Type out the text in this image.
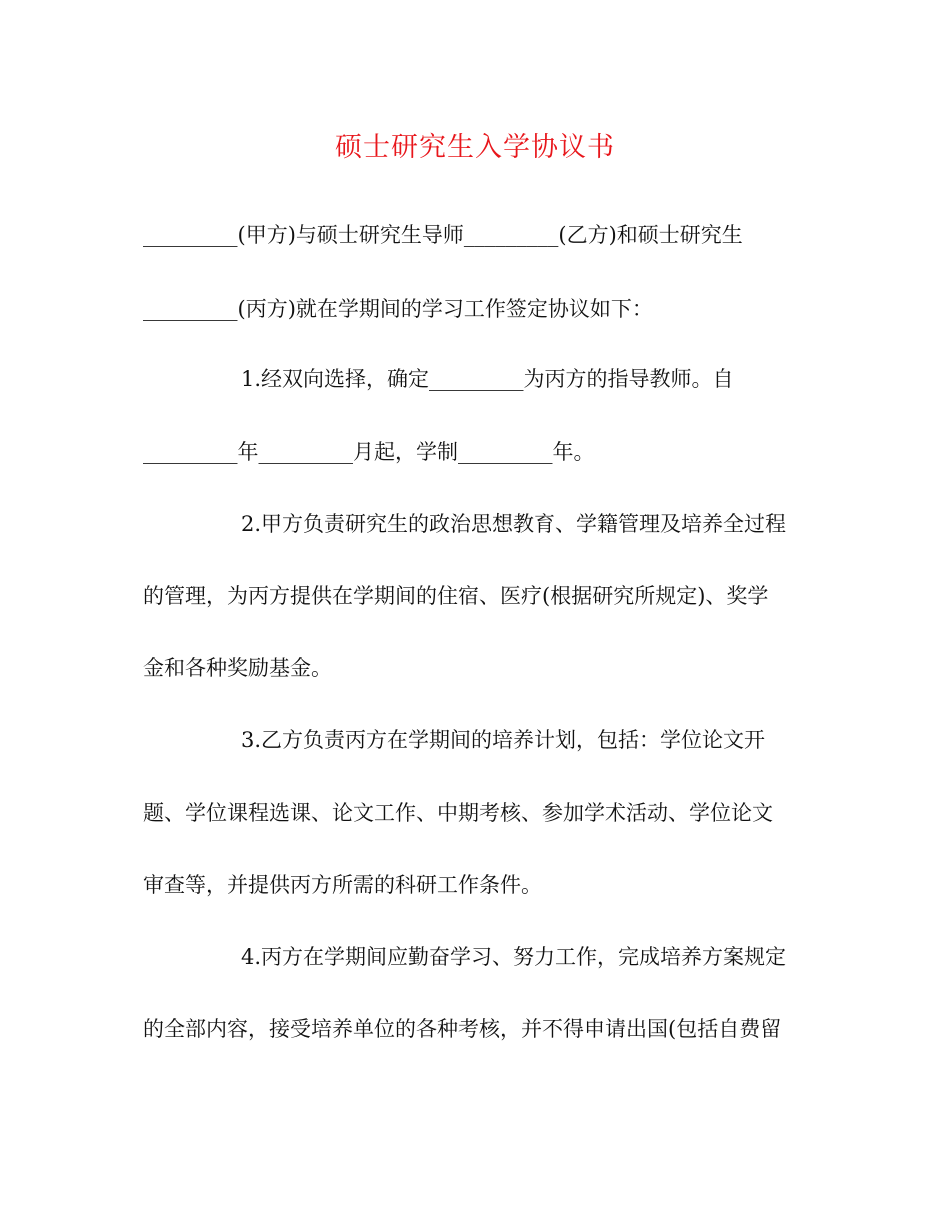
硕士研究生入学协议书

_________(甲方)与硕士研究生导师_________(乙方)和硕士研究生

_________(丙方)就在学期间的学习工作签定协议如下：

1.经双向选择，确定_________为丙方的指导教师。自

_________年_________月起，学制_________年。

2.甲方负责研究生的政治思想教育、学籍管理及培养全过程

的管理，为丙方提供在学期间的住宿、医疗(根据研究所规定)、奖学

金和各种奖励基金。

3.乙方负责丙方在学期间的培养计划，包括：学位论文开

题、学位课程选课、论文工作、中期考核、参加学术活动、学位论文

审查等，并提供丙方所需的科研工作条件。

4.丙方在学期间应勤奋学习、努力工作，完成培养方案规定

的全部内容，接受培养单位的各种考核，并不得申请出国(包括自费留
